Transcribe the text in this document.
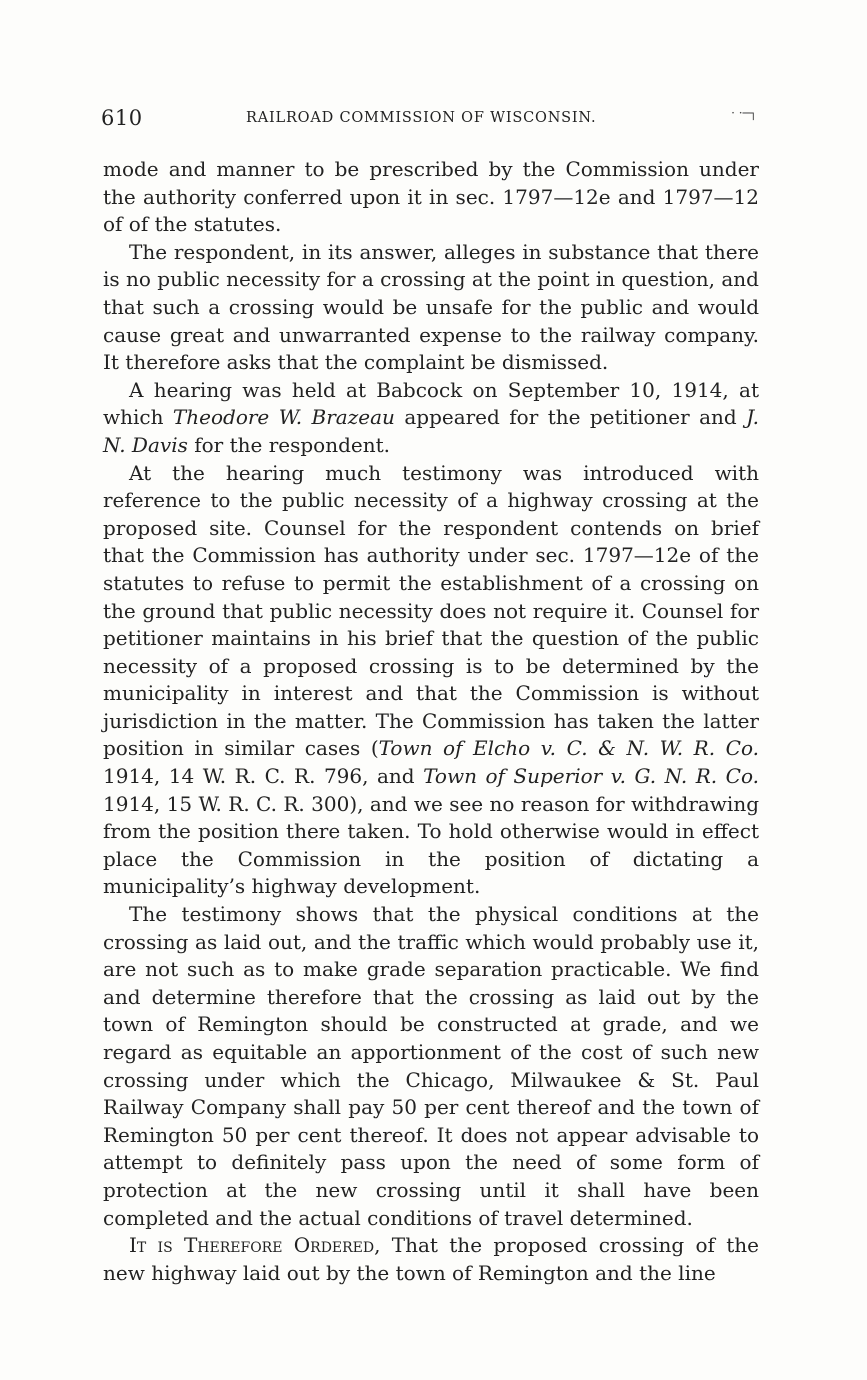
610	RAILROAD COMMISSION OF WISCONSIN.	· ·─┐

mode and manner to be prescribed by the Commission under the authority conferred upon it in sec. 1797—12e and 1797—12 of of the statutes.

The respondent, in its answer, alleges in substance that there is no public necessity for a crossing at the point in question, and that such a crossing would be unsafe for the public and would cause great and unwarranted expense to the railway company. It therefore asks that the complaint be dismissed.

A hearing was held at Babcock on September 10, 1914, at which Theodore W. Brazeau appeared for the petitioner and J. N. Davis for the respondent.

At the hearing much testimony was introduced with reference to the public necessity of a highway crossing at the proposed site. Counsel for the respondent contends on brief that the Commission has authority under sec. 1797—12e of the statutes to refuse to permit the establishment of a crossing on the ground that public necessity does not require it. Counsel for petitioner maintains in his brief that the question of the public necessity of a proposed crossing is to be determined by the municipality in interest and that the Commission is without jurisdiction in the matter. The Commission has taken the latter position in similar cases (Town of Elcho v. C. & N. W. R. Co. 1914, 14 W. R. C. R. 796, and Town of Superior v. G. N. R. Co. 1914, 15 W. R. C. R. 300), and we see no reason for withdrawing from the position there taken. To hold otherwise would in effect place the Commission in the position of dictating a municipality’s highway development.

The testimony shows that the physical conditions at the crossing as laid out, and the traffic which would probably use it, are not such as to make grade separation practicable. We find and determine therefore that the crossing as laid out by the town of Remington should be constructed at grade, and we regard as equitable an apportionment of the cost of such new crossing under which the Chicago, Milwaukee & St. Paul Railway Company shall pay 50 per cent thereof and the town of Remington 50 per cent thereof. It does not appear advisable to attempt to definitely pass upon the need of some form of protection at the new crossing until it shall have been completed and the actual conditions of travel determined.

It is Therefore Ordered, That the proposed crossing of the new highway laid out by the town of Remington and the line
